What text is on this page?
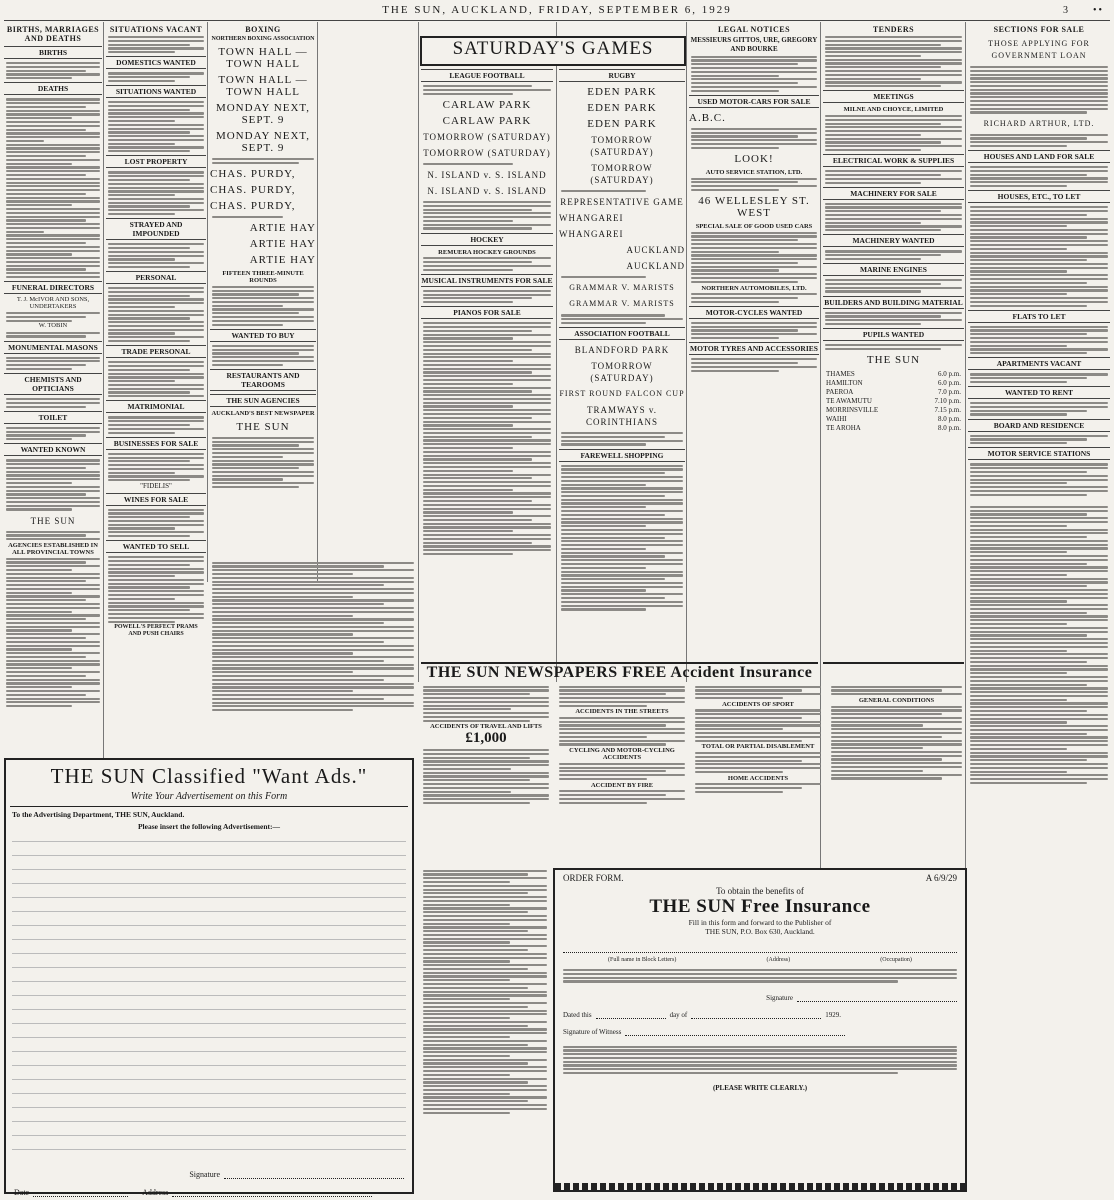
THE SUN, AUCKLAND, FRIDAY, SEPTEMBER 6, 1929	3 ••
BIRTHS, MARRIAGES AND DEATHS
BIRTHS
DEATHS
FUNERAL DIRECTORS
T. J. McIVOR AND SONS, UNDERTAKERS
W. TOBIN
MONUMENTAL MASONS
CHEMISTS AND OPTICIANS
TOILET
WANTED KNOWN
THE SUN
AGENCIES ESTABLISHED IN ALL PROVINCIAL TOWNS
SITUATIONS VACANT
DOMESTICS WANTED
SITUATIONS WANTED
LOST PROPERTY
STRAYED AND IMPOUNDED
PERSONAL
TRADE PERSONAL
MATRIMONIAL
BUSINESSES FOR SALE
"FIDELIS"
WINES FOR SALE
WANTED TO SELL
POWELL'S PERFECT PRAMS AND PUSH CHAIRS
BOXING
NORTHERN BOXING ASSOCIATION
TOWN HALL — TOWN HALL
TOWN HALL — TOWN HALL
MONDAY NEXT, SEPT. 9
MONDAY NEXT, SEPT. 9
CHAS. PURDY,
CHAS. PURDY,
CHAS. PURDY,
ARTIE HAY
ARTIE HAY
ARTIE HAY
FIFTEEN THREE-MINUTE ROUNDS
WANTED TO BUY
RESTAURANTS AND TEAROOMS
THE SUN AGENCIES
AUCKLAND'S BEST NEWSPAPER
THE SUN
SATURDAY'S GAMES
LEAGUE FOOTBALL
CARLAW PARK
CARLAW PARK
TOMORROW (SATURDAY)
TOMORROW (SATURDAY)
N. ISLAND v. S. ISLAND
N. ISLAND v. S. ISLAND
HOCKEY
REMUERA HOCKEY GROUNDS
MUSICAL INSTRUMENTS FOR SALE
PIANOS FOR SALE
RUGBY
EDEN PARK
EDEN PARK
EDEN PARK
TOMORROW (SATURDAY)
TOMORROW (SATURDAY)
REPRESENTATIVE GAME
WHANGAREI
WHANGAREI
AUCKLAND
AUCKLAND
GRAMMAR V. MARISTS
GRAMMAR V. MARISTS
ASSOCIATION FOOTBALL
BLANDFORD PARK
TOMORROW (SATURDAY)
FIRST ROUND FALCON CUP
TRAMWAYS v. CORINTHIANS
FAREWELL SHOPPING
LEGAL NOTICES
MESSIEURS GITTOS, URE, GREGORY AND BOURKE
USED MOTOR-CARS FOR SALE
A.B.C.
LOOK!
AUTO SERVICE STATION, LTD.
46 WELLESLEY ST. WEST
SPECIAL SALE OF GOOD USED CARS
NORTHERN AUTOMOBILES, LTD.
MOTOR-CYCLES WANTED
MOTOR TYRES AND ACCESSORIES
TENDERS
MEETINGS
MILNE AND CHOYCE, LIMITED
ELECTRICAL WORK & SUPPLIES
MACHINERY FOR SALE
MACHINERY WANTED
MARINE ENGINES
BUILDERS AND BUILDING MATERIAL
PUPILS WANTED
THE SUN
THAMES	6.0 p.m.
HAMILTON	6.0 p.m.
PAEROA	7.0 p.m.
TE AWAMUTU	7.10 p.m.
MORRINSVILLE	7.15 p.m.
WAIHI	8.0 p.m.
TE AROHA	8.0 p.m.
SECTIONS FOR SALE
THOSE APPLYING FOR GOVERNMENT LOAN
RICHARD ARTHUR, LTD.
HOUSES AND LAND FOR SALE
HOUSES, ETC., TO LET
FLATS TO LET
APARTMENTS VACANT
WANTED TO RENT
BOARD AND RESIDENCE
MOTOR SERVICE STATIONS
THE SUN Classified "Want Ads."
Write Your Advertisement on this Form
To the Advertising Department, THE SUN, Auckland.
Please insert the following Advertisement:—
Signature
Date	Address
THE SUN NEWSPAPERS FREE Accident Insurance
ACCIDENTS OF TRAVEL AND LIFTS
£1,000
ACCIDENTS IN THE STREETS
CYCLING AND MOTOR-CYCLING ACCIDENTS
ACCIDENT BY FIRE
ACCIDENTS OF SPORT
TOTAL OR PARTIAL DISABLEMENT
HOME ACCIDENTS
GENERAL CONDITIONS
ORDER FORM.	A 6/9/29
To obtain the benefits of
THE SUN Free Insurance
Fill in this form and forward to the Publisher of
THE SUN, P.O. Box 630, Auckland.
(Full name in Block Letters)	(Address)	(Occupation)
Signature
Dated this	day of	1929.
Signature of Witness
(PLEASE WRITE CLEARLY.)
